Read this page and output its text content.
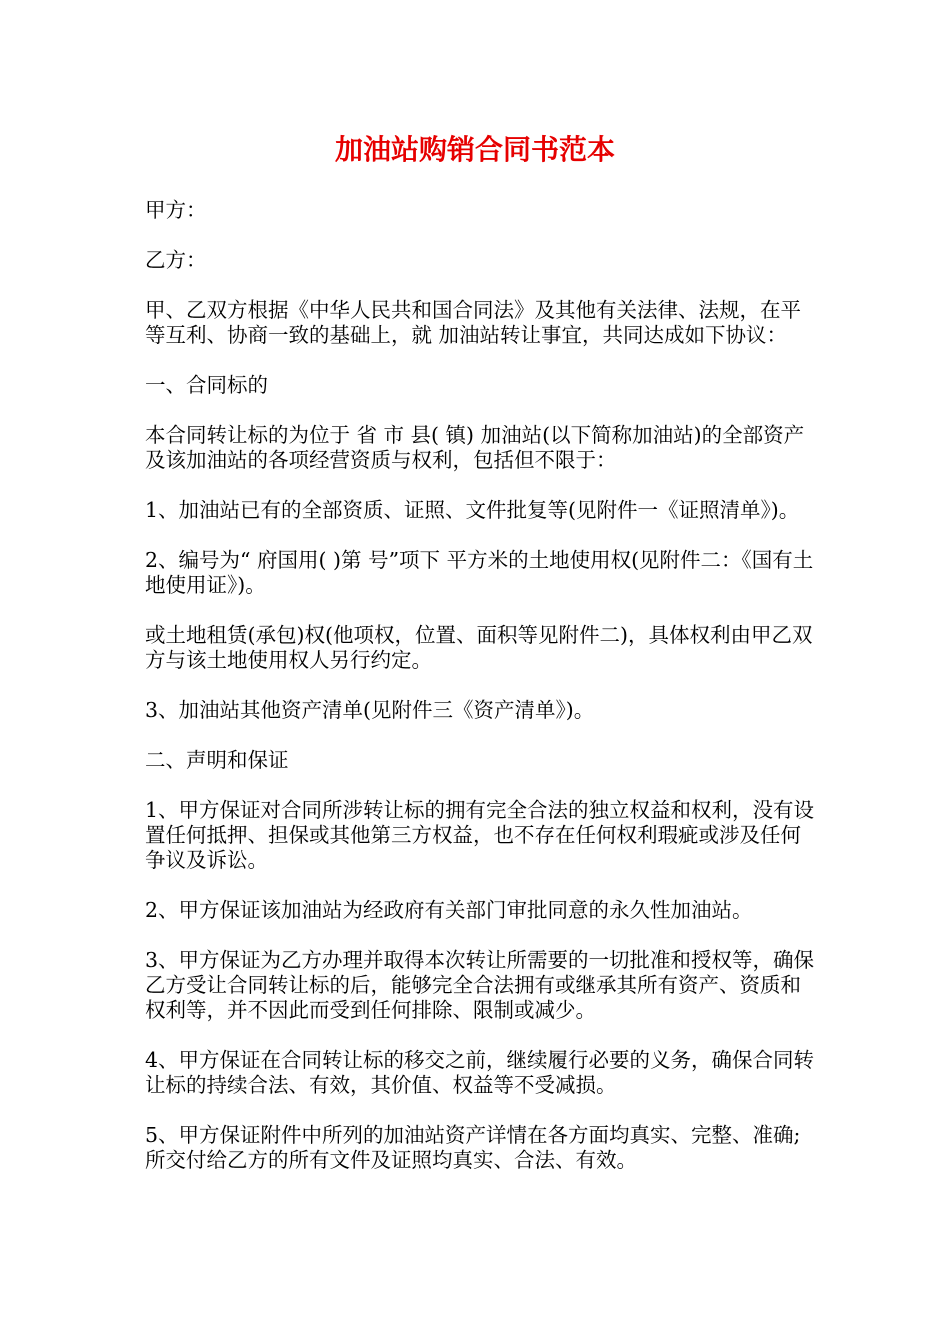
加油站购销合同书范本

甲方：

乙方：

甲、乙双方根据《中华人民共和国合同法》及其他有关法律、法规，在平等互利、协商一致的基础上，就 加油站转让事宜，共同达成如下协议：

一、合同标的

本合同转让标的为位于 省 市 县( 镇) 加油站(以下简称加油站)的全部资产及该加油站的各项经营资质与权利，包括但不限于：

1、加油站已有的全部资质、证照、文件批复等(见附件一《证照清单》)。

2、编号为“ 府国用( )第 号”项下 平方米的土地使用权(见附件二：《国有土地使用证》)。

或土地租赁(承包)权(他项权，位置、面积等见附件二)，具体权利由甲乙双方与该土地使用权人另行约定。

3、加油站其他资产清单(见附件三《资产清单》)。

二、声明和保证

1、甲方保证对合同所涉转让标的拥有完全合法的独立权益和权利，没有设置任何抵押、担保或其他第三方权益，也不存在任何权利瑕疵或涉及任何争议及诉讼。

2、甲方保证该加油站为经政府有关部门审批同意的永久性加油站。

3、甲方保证为乙方办理并取得本次转让所需要的一切批准和授权等，确保乙方受让合同转让标的后，能够完全合法拥有或继承其所有资产、资质和权利等，并不因此而受到任何排除、限制或减少。

4、甲方保证在合同转让标的移交之前，继续履行必要的义务，确保合同转让标的持续合法、有效，其价值、权益等不受减损。

5、甲方保证附件中所列的加油站资产详情在各方面均真实、完整、准确;所交付给乙方的所有文件及证照均真实、合法、有效。
